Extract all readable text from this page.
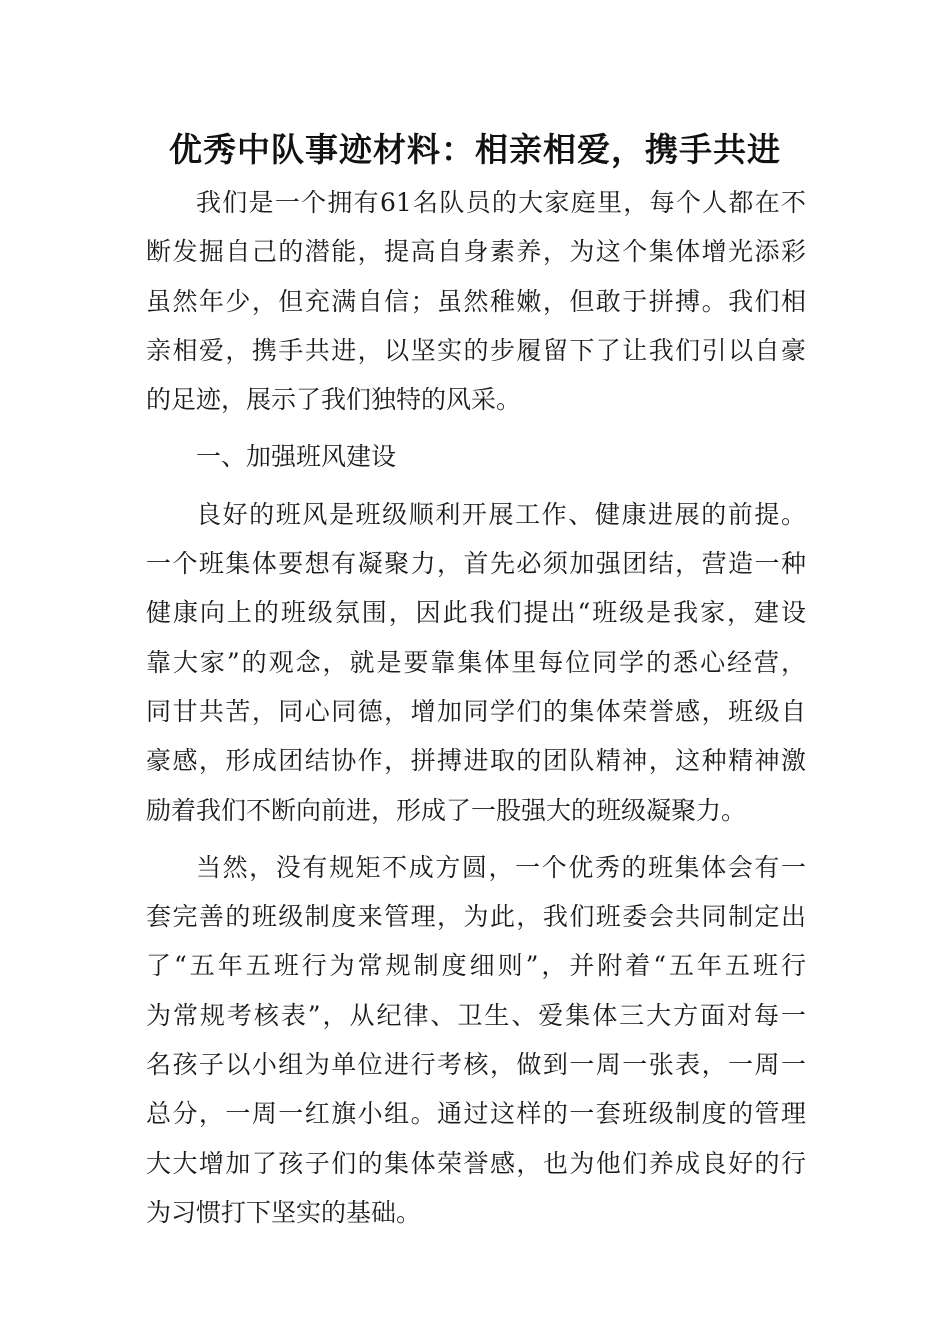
优秀中队事迹材料：相亲相爱，携手共进
我们是一个拥有61名队员的大家庭里，每个人都在不
断发掘自己的潜能，提高自身素养，为这个集体增光添彩
虽然年少，但充满自信；虽然稚嫩，但敢于拼搏。我们相
亲相爱，携手共进，以坚实的步履留下了让我们引以自豪
的足迹，展示了我们独特的风采。
一、加强班风建设
良好的班风是班级顺利开展工作、健康进展的前提。
一个班集体要想有凝聚力，首先必须加强团结，营造一种
健康向上的班级氛围，因此我们提出“班级是我家，建设
靠大家”的观念，就是要靠集体里每位同学的悉心经营，
同甘共苦，同心同德，增加同学们的集体荣誉感，班级自
豪感，形成团结协作，拼搏进取的团队精神，这种精神激
励着我们不断向前进，形成了一股强大的班级凝聚力。
当然，没有规矩不成方圆，一个优秀的班集体会有一
套完善的班级制度来管理，为此，我们班委会共同制定出
了“五年五班行为常规制度细则”，并附着“五年五班行
为常规考核表”，从纪律、卫生、爱集体三大方面对每一
名孩子以小组为单位进行考核，做到一周一张表，一周一
总分，一周一红旗小组。通过这样的一套班级制度的管理
大大增加了孩子们的集体荣誉感，也为他们养成良好的行
为习惯打下坚实的基础。
